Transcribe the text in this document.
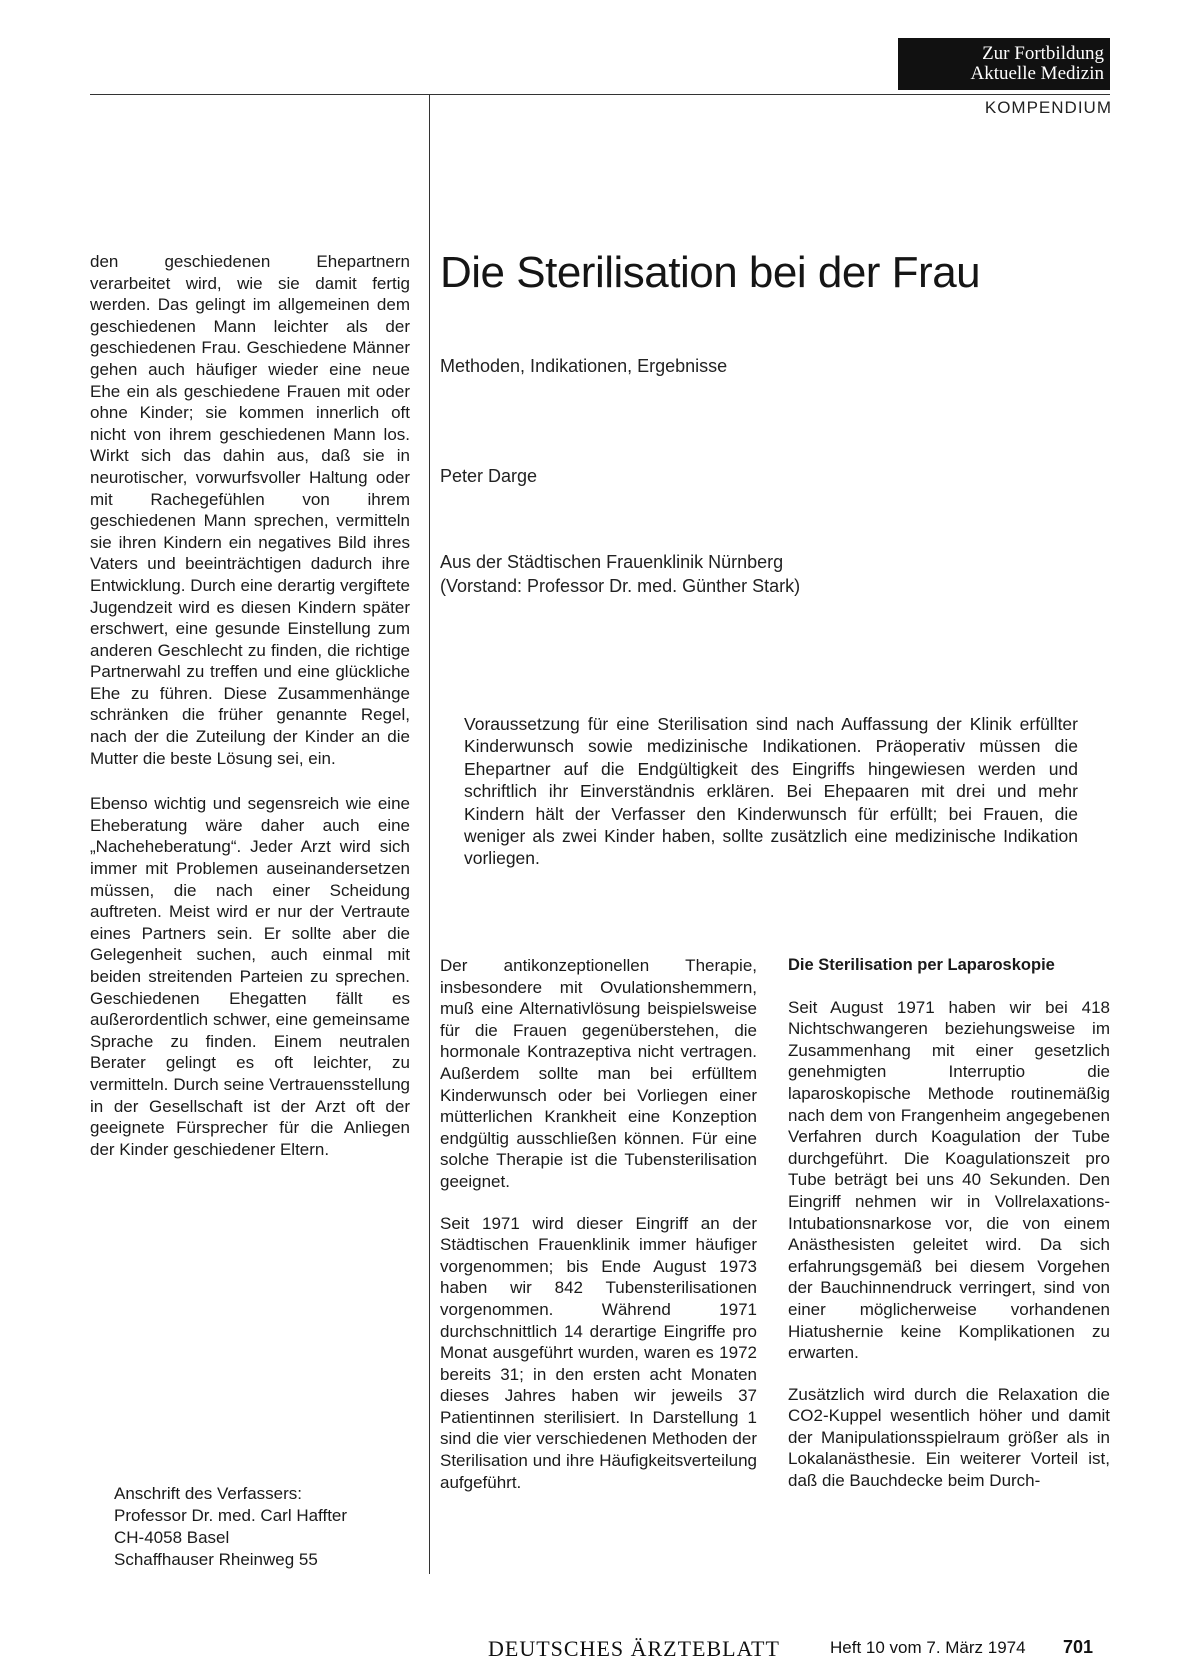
Zur Fortbildung
Aktuelle Medizin
KOMPENDIUM

den geschiedenen Ehepartnern verarbeitet wird, wie sie damit fertig werden. Das gelingt im allgemeinen dem geschiedenen Mann leichter als der geschiedenen Frau. Geschiedene Männer gehen auch häufiger wieder eine neue Ehe ein als geschiedene Frauen mit oder ohne Kinder; sie kommen innerlich oft nicht von ihrem geschiedenen Mann los. Wirkt sich das dahin aus, daß sie in neurotischer, vorwurfsvoller Haltung oder mit Rachegefühlen von ihrem geschiedenen Mann sprechen, vermitteln sie ihren Kindern ein negatives Bild ihres Vaters und beeinträchtigen dadurch ihre Entwicklung. Durch eine derartig vergiftete Jugendzeit wird es diesen Kindern später erschwert, eine gesunde Einstellung zum anderen Geschlecht zu finden, die richtige Partnerwahl zu treffen und eine glückliche Ehe zu führen. Diese Zusammenhänge schränken die früher genannte Regel, nach der die Zuteilung der Kinder an die Mutter die beste Lösung sei, ein.

Ebenso wichtig und segensreich wie eine Eheberatung wäre daher auch eine „Nacheheberatung“. Jeder Arzt wird sich immer mit Problemen auseinandersetzen müssen, die nach einer Scheidung auftreten. Meist wird er nur der Vertraute eines Partners sein. Er sollte aber die Gelegenheit suchen, auch einmal mit beiden streitenden Parteien zu sprechen. Geschiedenen Ehegatten fällt es außerordentlich schwer, eine gemeinsame Sprache zu finden. Einem neutralen Berater gelingt es oft leichter, zu vermitteln. Durch seine Vertrauensstellung in der Gesellschaft ist der Arzt oft der geeignete Fürsprecher für die Anliegen der Kinder geschiedener Eltern.

Anschrift des Verfassers:
Professor Dr. med. Carl Haffter
CH-4058 Basel
Schaffhauser Rheinweg 55
Die Sterilisation bei der Frau
Methoden, Indikationen, Ergebnisse
Peter Darge
Aus der Städtischen Frauenklinik Nürnberg
(Vorstand: Professor Dr. med. Günther Stark)
Voraussetzung für eine Sterilisation sind nach Auffassung der Klinik erfüllter Kinderwunsch sowie medizinische Indikationen. Präoperativ müssen die Ehepartner auf die Endgültigkeit des Eingriffs hingewiesen werden und schriftlich ihr Einverständnis erklären. Bei Ehepaaren mit drei und mehr Kindern hält der Verfasser den Kinderwunsch für erfüllt; bei Frauen, die weniger als zwei Kinder haben, sollte zusätzlich eine medizinische Indikation vorliegen.

Der antikonzeptionellen Therapie, insbesondere mit Ovulationshemmern, muß eine Alternativlösung beispielsweise für die Frauen gegenüberstehen, die hormonale Kontrazeptiva nicht vertragen. Außerdem sollte man bei erfülltem Kinderwunsch oder bei Vorliegen einer mütterlichen Krankheit eine Konzeption endgültig ausschließen können. Für eine solche Therapie ist die Tubensterilisation geeignet.

Seit 1971 wird dieser Eingriff an der Städtischen Frauenklinik immer häufiger vorgenommen; bis Ende August 1973 haben wir 842 Tubensterilisationen vorgenommen. Während 1971 durchschnittlich 14 derartige Eingriffe pro Monat ausgeführt wurden, waren es 1972 bereits 31; in den ersten acht Monaten dieses Jahres haben wir jeweils 37 Patientinnen sterilisiert. In Darstellung 1 sind die vier verschiedenen Methoden der Sterilisation und ihre Häufigkeitsverteilung aufgeführt.

Die Sterilisation per Laparoskopie

Seit August 1971 haben wir bei 418 Nichtschwangeren beziehungsweise im Zusammenhang mit einer gesetzlich genehmigten Interruptio die laparoskopische Methode routinemäßig nach dem von Frangenheim angegebenen Verfahren durch Koagulation der Tube durchgeführt. Die Koagulationszeit pro Tube beträgt bei uns 40 Sekunden. Den Eingriff nehmen wir in Vollrelaxations-Intubationsnarkose vor, die von einem Anästhesisten geleitet wird. Da sich erfahrungsgemäß bei diesem Vorgehen der Bauchinnendruck verringert, sind von einer möglicherweise vorhandenen Hiatushernie keine Komplikationen zu erwarten.

Zusätzlich wird durch die Relaxation die CO2-Kuppel wesentlich höher und damit der Manipulationsspielraum größer als in Lokalanästhesie. Ein weiterer Vorteil ist, daß die Bauchdecke beim Durch-

DEUTSCHES ÄRZTEBLATT	Heft 10 vom 7. März 1974 701
